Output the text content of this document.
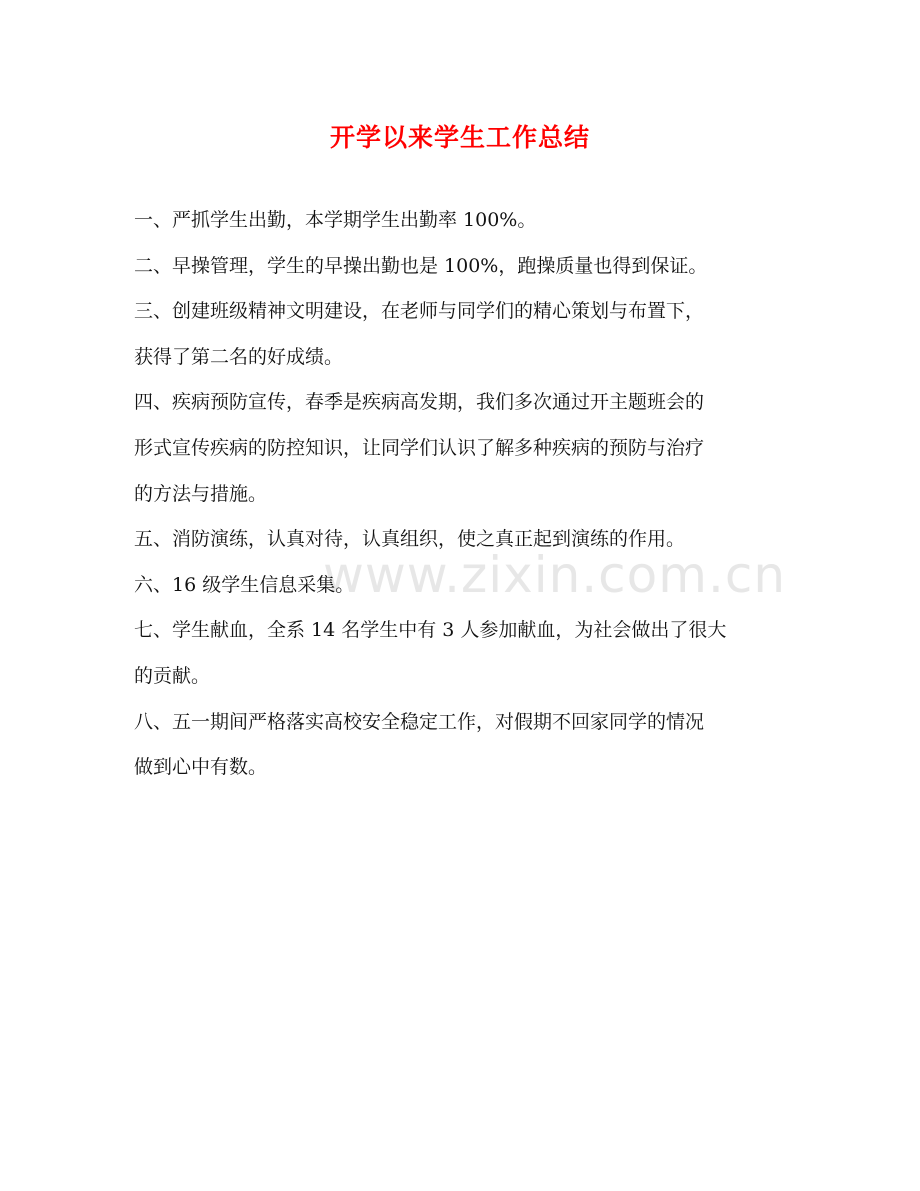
开学以来学生工作总结
www.zixin.com.cn

一、严抓学生出勤，本学期学生出勤率 100%。

二、早操管理，学生的早操出勤也是 100%，跑操质量也得到保证。

三、创建班级精神文明建设，在老师与同学们的精心策划与布置下，

获得了第二名的好成绩。

四、疾病预防宣传，春季是疾病高发期，我们多次通过开主题班会的

形式宣传疾病的防控知识，让同学们认识了解多种疾病的预防与治疗

的方法与措施。

五、消防演练，认真对待，认真组织，使之真正起到演练的作用。

六、16 级学生信息采集。

七、学生献血，全系 14 名学生中有 3 人参加献血，为社会做出了很大

的贡献。

八、五一期间严格落实高校安全稳定工作，对假期不回家同学的情况

做到心中有数。
